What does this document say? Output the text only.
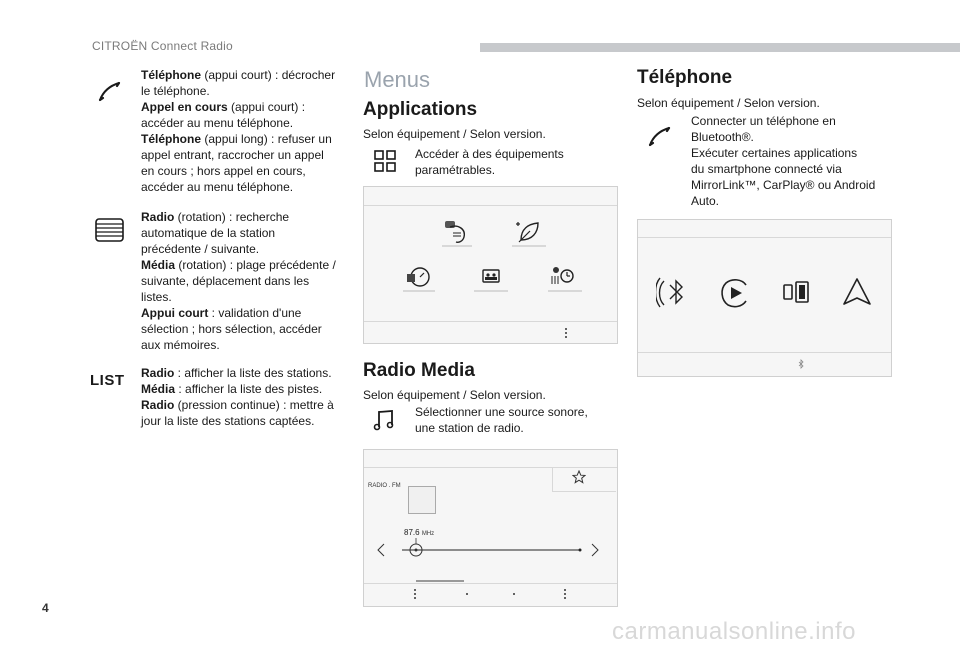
CITROËN Connect Radio
Téléphone (appui court) : décrocher
le téléphone.
Appel en cours (appui court) :
accéder au menu téléphone.
Téléphone (appui long) : refuser un
appel entrant, raccrocher un appel
en cours ; hors appel en cours,
accéder au menu téléphone.
Radio (rotation) : recherche
automatique de la station
précédente / suivante.
Média (rotation) : plage précédente /
suivante, déplacement dans les
listes.
Appui court : validation d'une
sélection ; hors sélection, accéder
aux mémoires.
Radio : afficher la liste des stations.
Média : afficher la liste des pistes.
Radio (pression continue) : mettre à
jour la liste des stations captées.
LIST
Menus
Applications
Selon équipement / Selon version.
Accéder à des équipements
paramétrables.
Radio Media
Selon équipement / Selon version.
Sélectionner une source sonore,
une station de radio.
RADIO . FM
87.6 MHz
Téléphone
Selon équipement / Selon version.
Connecter un téléphone en
Bluetooth®.
Exécuter certaines applications
du smartphone connecté via
MirrorLink™, CarPlay® ou Android
Auto.
4
carmanualsonline.info
